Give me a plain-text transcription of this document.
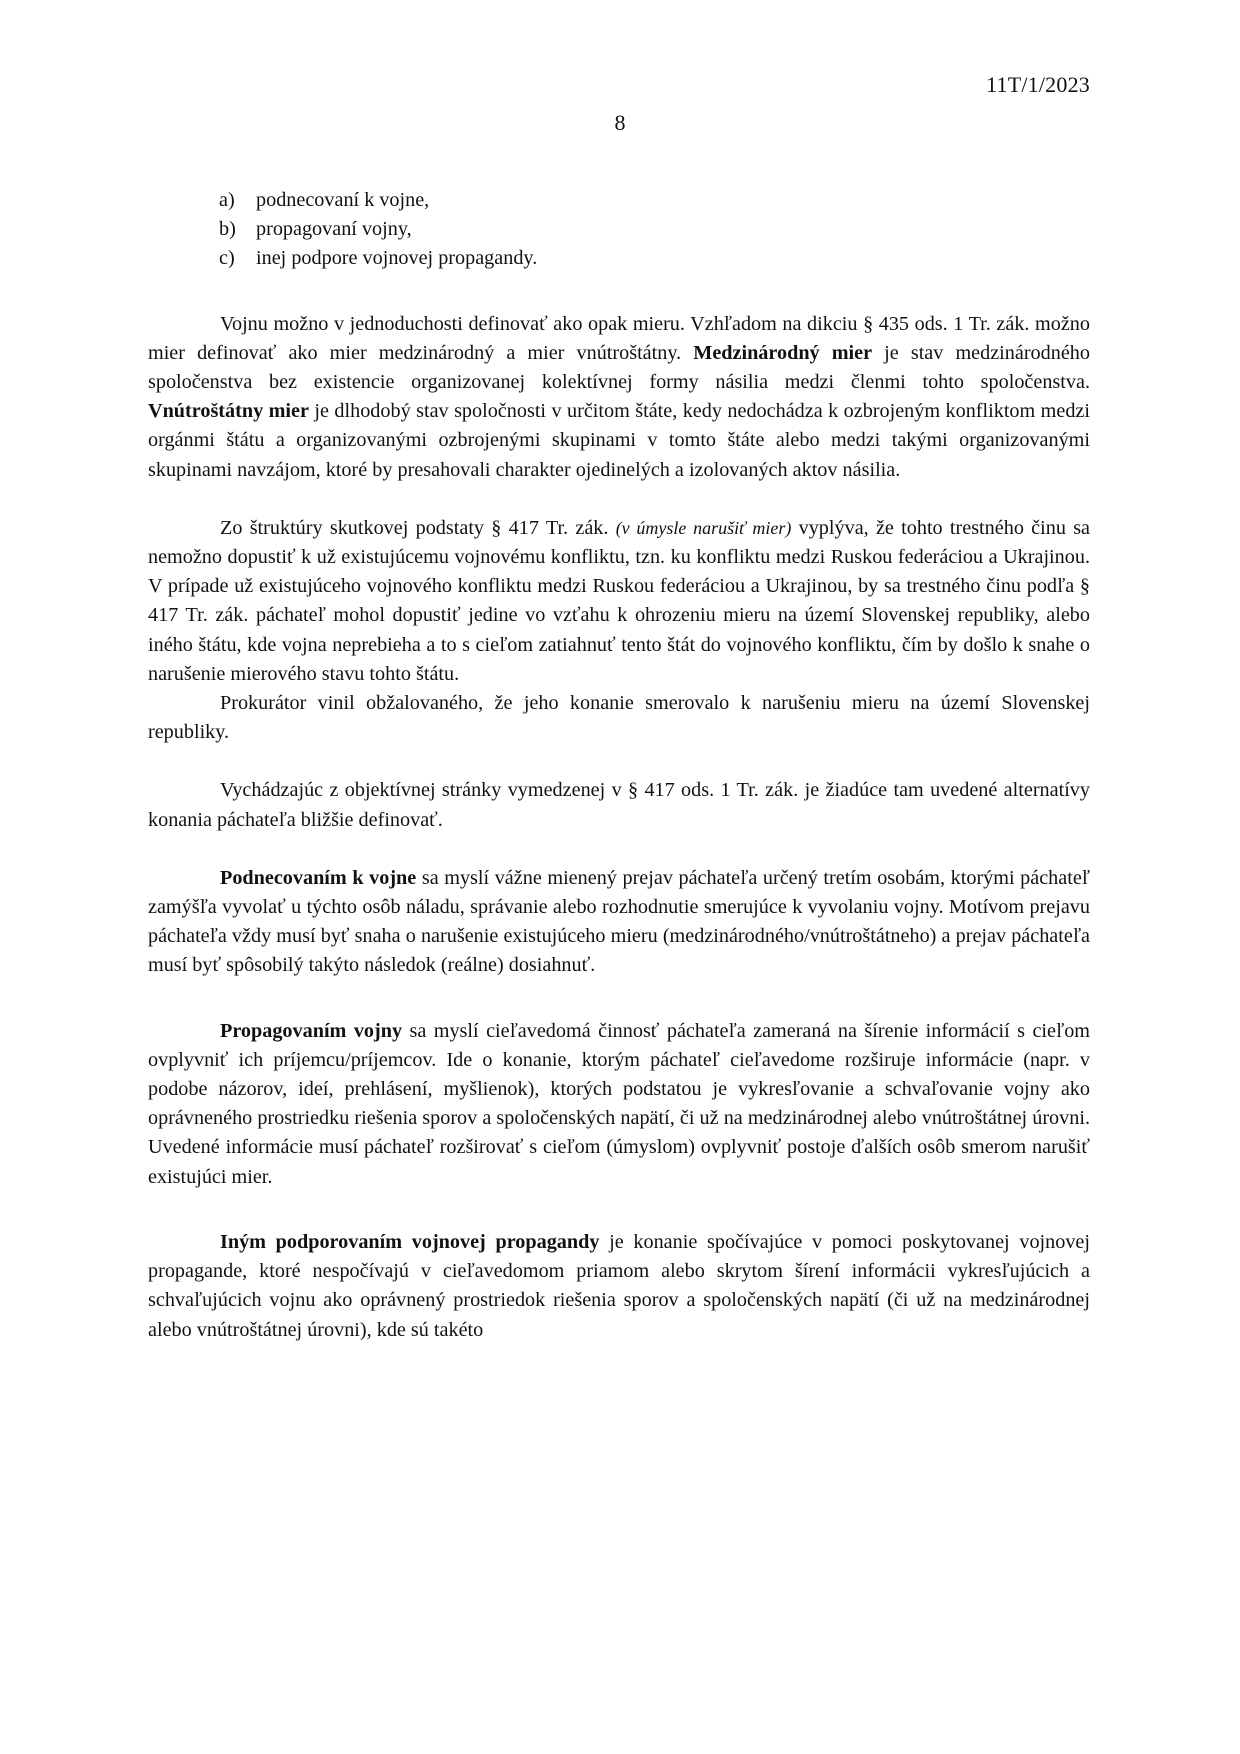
11T/1/2023
8
a)	podnecovaní k vojne,
b) propagovaní vojny,
c)	inej podpore vojnovej propagandy.

Vojnu možno v jednoduchosti definovať ako opak mieru. Vzhľadom na dikciu § 435 ods. 1 Tr. zák. možno mier definovať ako mier medzinárodný a mier vnútroštátny. Medzinárodný mier je stav medzinárodného spoločenstva bez existencie organizovanej kolektívnej formy násilia medzi členmi tohto spoločenstva. Vnútroštátny mier je dlhodobý stav spoločnosti v určitom štáte, kedy nedochádza k ozbrojeným konfliktom medzi orgánmi štátu a organizovanými ozbrojenými skupinami v tomto štáte alebo medzi takými organizovanými skupinami navzájom, ktoré by presahovali charakter ojedinelých a izolovaných aktov násilia.

Zo štruktúry skutkovej podstaty § 417 Tr. zák. (v úmysle narušiť mier) vyplýva, že tohto trestného činu sa nemožno dopustiť k už existujúcemu vojnovému konfliktu, tzn. ku konfliktu medzi Ruskou federáciou a Ukrajinou. V prípade už existujúceho vojnového konfliktu medzi Ruskou federáciou a Ukrajinou, by sa trestného činu podľa § 417 Tr. zák. páchateľ mohol dopustiť jedine vo vzťahu k ohrozeniu mieru na území Slovenskej republiky, alebo iného štátu, kde vojna neprebieha a to s cieľom zatiahnuť tento štát do vojnového konfliktu, čím by došlo k snahe o narušenie mierového stavu tohto štátu.

Prokurátor vinil obžalovaného, že jeho konanie smerovalo k narušeniu mieru na území Slovenskej republiky.

Vychádzajúc z objektívnej stránky vymedzenej v § 417 ods. 1 Tr. zák. je žiadúce tam uvedené alternatívy konania páchateľa bližšie definovať.

Podnecovaním k vojne sa myslí vážne mienený prejav páchateľa určený tretím osobám, ktorými páchateľ zamýšľa vyvolať u týchto osôb náladu, správanie alebo rozhodnutie smerujúce k vyvolaniu vojny. Motívom prejavu páchateľa vždy musí byť snaha o narušenie existujúceho mieru (medzinárodného/vnútroštátneho) a prejav páchateľa musí byť spôsobilý takýto následok (reálne) dosiahnuť.

Propagovaním vojny sa myslí cieľavedomá činnosť páchateľa zameraná na šírenie informácií s cieľom ovplyvniť ich príjemcu/príjemcov. Ide o konanie, ktorým páchateľ cieľavedome rozširuje informácie (napr. v podobe názorov, ideí, prehlásení, myšlienok), ktorých podstatou je vykresľovanie a schvaľovanie vojny ako oprávneného prostriedku riešenia sporov a spoločenských napätí, či už na medzinárodnej alebo vnútroštátnej úrovni. Uvedené informácie musí páchateľ rozširovať s cieľom (úmyslom) ovplyvniť postoje ďalších osôb smerom narušiť existujúci mier.

Iným podporovaním vojnovej propagandy je konanie spočívajúce v pomoci poskytovanej vojnovej propagande, ktoré nespočívajú v cieľavedomom priamom alebo skrytom šírení informácii vykresľujúcich a schvaľujúcich vojnu ako oprávnený prostriedok riešenia sporov a spoločenských napätí (či už na medzinárodnej alebo vnútroštátnej úrovni), kde sú takéto
